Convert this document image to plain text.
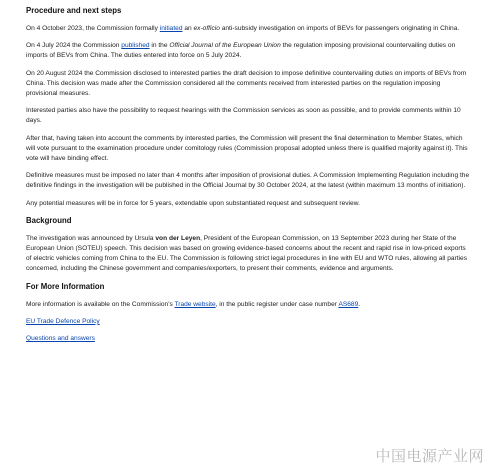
Procedure and next steps

On 4 October 2023, the Commission formally initiated an ex-officio anti-subsidy investigation on imports of BEVs for passengers originating in China.

On 4 July 2024 the Commission published in the Official Journal of the European Union the regulation imposing provisional countervailing duties on imports of BEVs from China. The duties entered into force on 5 July 2024.

On 20 August 2024 the Commission disclosed to interested parties the draft decision to impose definitive countervailing duties on imports of BEVs from China. This decision was made after the Commission considered all the comments received from interested parties on the regulation imposing provisional measures.

Interested parties also have the possibility to request hearings with the Commission services as soon as possible, and to provide comments within 10 days.

After that, having taken into account the comments by interested parties, the Commission will present the final determination to Member States, which will vote pursuant to the examination procedure under comitology rules (Commission proposal adopted unless there is qualified majority against it). This vote will have binding effect.

Definitive measures must be imposed no later than 4 months after imposition of provisional duties. A Commission Implementing Regulation including the definitive findings in the investigation will be published in the Official Journal by 30 October 2024, at the latest (within maximum 13 months of initiation).

Any potential measures will be in force for 5 years, extendable upon substantiated request and subsequent review.

Background

The investigation was announced by Ursula von der Leyen, President of the European Commission, on 13 September 2023 during her State of the European Union (SOTEU) speech. This decision was based on growing evidence-based concerns about the recent and rapid rise in low-priced exports of electric vehicles coming from China to the EU. The Commission is following strict legal procedures in line with EU and WTO rules, allowing all parties concerned, including the Chinese government and companies/exporters, to present their comments, evidence and arguments.

For More Information

More information is available on the Commission's Trade website, in the public register under case number AS689.

EU Trade Defence Policy

Questions and answers

中国电源产业网
